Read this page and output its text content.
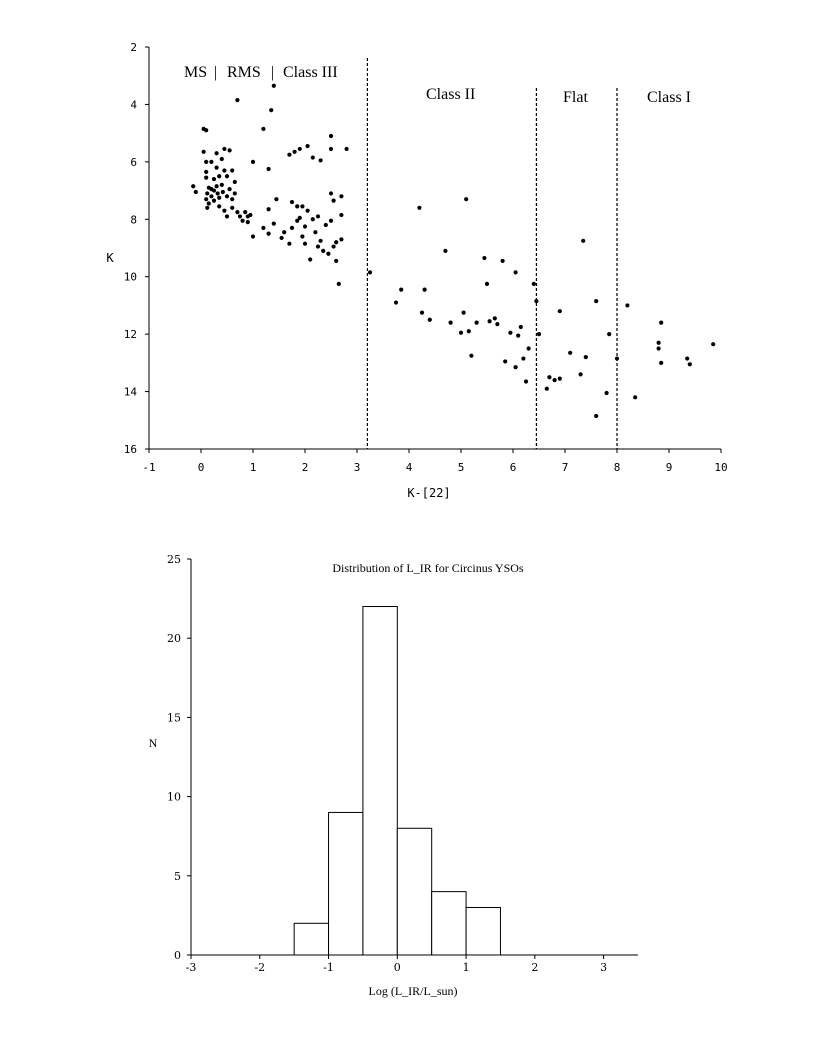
2
4
6
8
10
12
14
16
-1	0	1	2	3	4	5	6	7	8	9	10
MS | RMS | Class III
Class II	Flat	Class I
K-[22]
K
0
5
10
15
20
25
-3	-2	-1	0	1	2	3
Distribution of L_IR for Circinus YSOs
Log (L_IR/L_sun)
N
